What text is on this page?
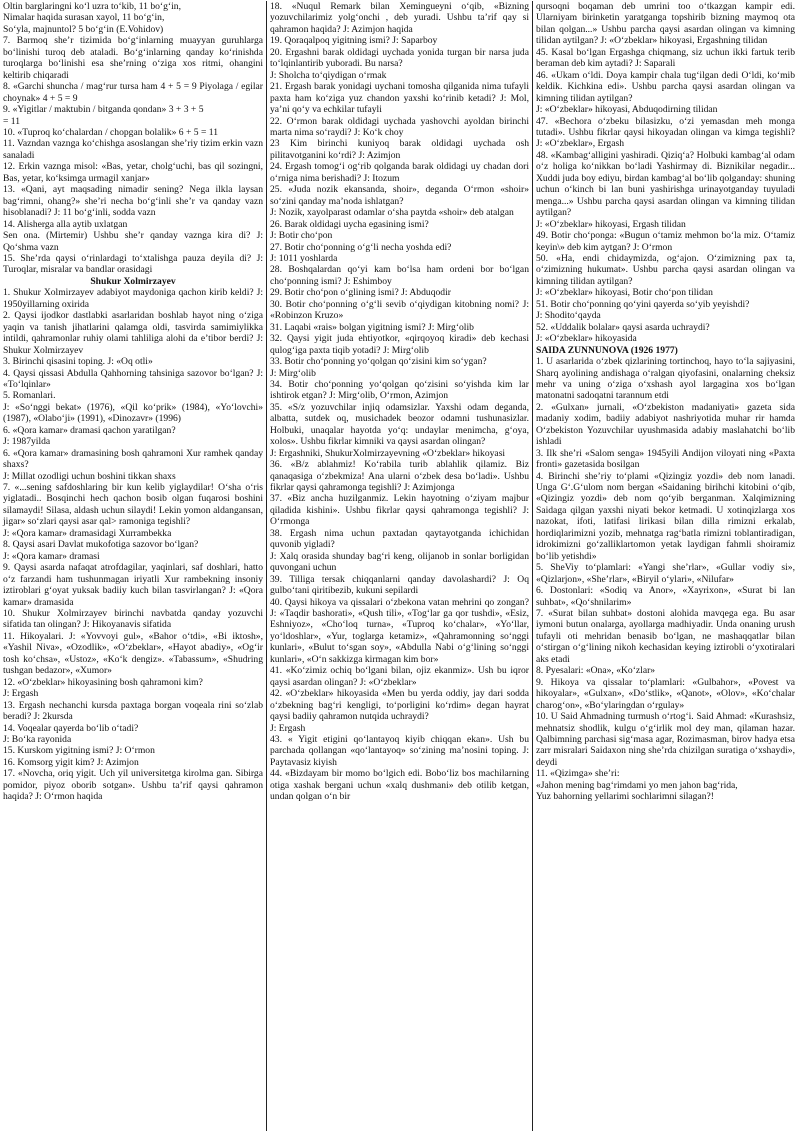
Oltin barglaringni ko‘l uzra to‘kib, 11 bo‘g‘in,

Nimalar haqida surasan xayol, 11 bo‘g‘in,

So‘yla, majnuntol? 5 bo‘g‘in (E.Vohidov)

7. Barmoq she’r tizimida bo‘g‘inlarning muayyan guruhlarga bo‘linishi turoq deb ataladi. Bo‘g‘inlarning qanday ko‘rinishda turoqlarga bo‘linishi esa she’rning o‘ziga xos ritmi, ohangini keltirib chiqaradi

8. «Garchi shuncha / mag‘rur tursa ham 4 + 5 = 9 Piyolaga / egilar choynak» 4 + 5 = 9

9. «Yigitlar / maktubin / bitganda qondan» 3 + 3 + 5

= 11

10. «Tuproq ko‘chalardan / chopgan bolalik» 6 + 5 = 11

11. Vazndan vaznga ko‘chishga asoslangan she’riy tizim erkin vazn sanaladi

12. Erkin vaznga misol: «Bas, yetar, cholg‘uchi, bas qil sozingni, Bas, yetar, ko‘ksimga urmagil xanjar»

13. «Qani, ayt maqsading nimadir sening? Nega ilkla laysan bag‘rimni, ohang?» she’ri necha bo‘g‘inli she’r va qanday vazn hisoblanadi? J: 11 bo‘g‘inli, sodda vazn

14. Alisherga alla aytib uxlatgan

Sen ona. (Mirtemir) Ushbu she’r qanday vaznga kira di? J: Qo‘shma vazn

15. She’rda qaysi o‘rinlardagi to‘xtalishga pauza deyila di? J: Turoqlar, misralar va bandlar orasidagi

Shukur Xolmirzayev

1. Shukur Xolmirzayev adabiyot maydoniga qachon kirib keldi? J: 1950yillarning oxirida

2. Qaysi ijodkor dastlabki asarlaridan boshlab hayot ning o‘ziga yaqin va tanish jihatlarini qalamga oldi, tasvirda samimiylikka intildi, qahramonlar ruhiy olami tahliliga alohi da e’tibor berdi? J: Shukur Xolmirzayev

3. Birinchi qisasini toping. J: «Oq otli»

4. Qaysi qissasi Abdulla Qahhorning tahsiniga sazovor bo‘lgan? J: «To‘lqinlar»

5. Romanlari.

J: «So‘nggi bekat» (1976), «Qil ko‘prik» (1984), «Yo‘lovchi» (1987), «Olabo‘ji» (1991), «Dinozavr» (1996)

6. «Qora kamar» dramasi qachon yaratilgan?

J: 1987yilda

6. «Qora kamar» dramasining bosh qahramoni Xur ramhek qanday shaxs?

J: Millat ozodligi uchun boshini tikkan shaxs

7. «...sening safdoshlaring bir kun kelib yiglaydilar! O‘sha o‘ris yiglatadi.. Bosqinchi hech qachon bosib olgan fuqarosi boshini silamaydi! Silasa, aldash uchun silaydi! Lekin yomon aldangansan, jigar» so‘zlari qaysi asar qal> ramoniga tegishli?

J: «Qora kamar» dramasidagi Xurrambekka

8. Qaysi asari Davlat mukofotiga sazovor bo‘lgan?

J: «Qora kamar» dramasi

9. Qaysi asarda nafaqat atrofdagilar, yaqinlari, saf doshlari, hatto o‘z farzandi ham tushunmagan iriyatli Xur rambekning insoniy iztiroblari g‘oyat yuksak badiiy kuch bilan tasvirlangan? J: «Qora kamar» dramasida

10. Shukur Xolmirzayev birinchi navbatda qanday yozuvchi sifatida tan olingan? J: Hikoyanavis sifatida

11. Hikoyalari. J: «Yovvoyi gul», «Bahor o‘tdi», «Bi iktosh», «Yashil Niva», «Ozodlik», «O‘zbeklar», «Hayot abadiy», «Og‘ir tosh ko‘chsa», «Ustoz», «Ko‘k dengiz». «Tabassum», «Shudring tushgan bedazor», «Xumor»

12. «O‘zbeklar» hikoyasining bosh qahramoni kim?

J: Ergash

13. Ergash nechanchi kursda paxtaga borgan voqeala rini so‘zlab beradi? J: 2kursda

14. Voqealar qayerda bo‘lib o‘tadi?

J: Bo‘ka rayonida

15. Kurskom yigitning ismi? J: O‘rmon

16. Komsorg yigit kim? J: Azimjon

17. «Novcha, oriq yigit. Uch yil universitetga kirolma gan. Sibirga pomidor, piyoz oborib sotgan». Ushbu ta’rif qaysi qahramon haqida? J: O‘rmon haqida

18. «Nuqul Remark bilan Xemingueyni o‘qib, «Bizning yozuvchilarimiz yolg‘onchi , deb yuradi. Ushbu ta’rif qay si qahramon haqida? J: Azimjon haqida

19. Qoraqalpoq yigitning ismi? J: Saparboy

20. Ergashni barak oldidagi uychada yonida turgan bir narsa juda to‘lqinlantirib yuboradi. Bu narsa?

J: Sholcha to‘qiydigan o‘rmak

21. Ergash barak yonidagi uychani tomosha qilganida nima tufayli paxta ham ko‘ziga yuz chandon yaxshi ko‘rinib ketadi? J: Mol, ya’ni qo‘y va echkilar tufayli

22. O‘rmon barak oldidagi uychada yashovchi ayoldan birinchi marta nima so‘raydi? J: Ko‘k choy

23 Kim birinchi kuniyoq barak oldidagi uychada osh pilitavotganini ko‘rdi? J: Azimjon

24. Ergash tomog‘i og‘rib qolganda barak oldidagi uy chadan dori o‘rniga nima berishadi? J: Itozum

25. «Juda nozik ekansanda, shoir», deganda O‘rmon «shoir» so‘zini qanday ma’noda ishlatgan?

J: Nozik, xayolparast odamlar o‘sha paytda «shoir» deb atalgan

26. Barak oldidagi uycha egasining ismi?

J: Botir cho‘pon

27. Botir cho‘ponning o‘g‘li necha yoshda edi?

J: 1011 yoshlarda

28. Boshqalardan qo‘yi kam bo‘lsa ham ordeni bor bo‘lgan cho‘ponning ismi? J: Eshimboy

29. Botir cho‘pon o‘glining ismi? J: Abduqodir

30. Botir cho‘ponning o‘g‘li sevib o‘qiydigan kitobning nomi? J: «Robinzon Kruzo»

31. Laqabi «rais» bolgan yigitning ismi? J: Mirg‘olib

32. Qaysi yigit juda ehtiyotkor, «qirqoyoq kiradi» deb kechasi qulog‘iga paxta tiqib yotadi? J: Mirg‘olib

33. Botir cho‘ponning yo‘qolgan qo‘zisini kim so‘ygan?

J: Mirg‘olib

34. Botir cho‘ponning yo‘qolgan qo‘zisini so‘yishda kim lar ishtirok etgan? J: Mirg‘olib, O‘rmon, Azimjon

35. «S/z yozuvchilar injiq odamsizlar. Yaxshi odam deganda, albatta, sutdek oq, musichadek beozor odamni tushunasizlar. Holbuki, unaqalar hayotda yo‘q: undaylar menimcha, g‘oya, xolos». Ushbu fikrlar kimniki va qaysi asardan olingan?

J: Ergashniki, ShukurXolmirzayevning «O‘zbeklar» hikoyasi

36. «B/z ablahmiz! Ko‘rabila turib ablahlik qilamiz. Biz qanaqasiga o‘zbekmiza! Ana ularni o‘zbek desa bo‘ladi». Ushbu fikrlar qaysi qahramonga tegishli? J: Azimjonga

37. «Biz ancha huzilganmiz. Lekin hayotning o‘ziyam majbur qiladida kishini». Ushbu fikrlar qaysi qahramonga tegishli? J: O‘rmonga

38. Ergash nima uchun paxtadan qaytayotganda ichichidan quvonib yigladi?

J: Xalq orasida shunday bag‘ri keng, olijanob in sonlar borligidan quvongani uchun

39. Tilliga tersak chiqqanlarni qanday davolashardi? J: Oq gulbo‘tani qiritibezib, kukuni sepilardi

40. Qaysi hikoya va qissalari o‘zbekona vatan mehrini qo zongan? J: «Taqdir bashorati», «Qush tili», «Tog‘lar ga qor tushdi», «Esiz, Eshniyoz», «Cho‘loq turna», «Tuproq ko‘chalar», «Yo‘llar, yo‘ldoshlar», «Yur, toglarga ketamiz», «Qahramonning so‘nggi kunlari», «Bulut to‘sgan soy», «Abdulla Nabi o‘g‘lining so‘nggi kunlari», «O‘n sakkizga kirmagan kim bor»

41. «Ko‘zimiz ochiq bo‘lgani bilan, ojiz ekanmiz». Ush bu iqror qaysi asardan olingan? J: «O‘zbeklar»

42. «O‘zbeklar» hikoyasida «Men bu yerda oddiy, jay dari sodda o‘zbekning bag‘ri kengligi, to‘porligini ko‘rdim» degan hayrat qaysi badiiy qahramon nutqida uchraydi?

J: Ergash

43. « Yigit etigini qo‘lantayoq kiyib chiqqan ekan». Ush bu parchada qollangan «qo‘lantayoq» so‘zining ma’nosini toping. J: Paytavasiz kiyish

44. «Bizdayam bir momo bo‘lgich edi. Bobo‘liz bos machilarning otiga xashak bergani uchun «xalq dushmani» deb otilib ketgan, undan qolgan o‘n bir

qursoqni boqaman deb umrini too o‘tkazgan kampir edi. Ularniyam birinketin yaratganga topshirib bizning maymoq ota bilan qolgan...» Ushbu parcha qaysi asardan olingan va kimning tilidan aytilgan? J: «O‘zbeklar» hikoyasi, Ergashning tilidan

45. Kasal bo‘lgan Ergashga chiqmang, siz uchun ikki fartuk terib beraman deb kim aytadi? J: Saparali

46. «Ukam o‘ldi. Doya kampir chala tug‘ilgan dedi O‘ldi, ko‘mib keldik. Kichkina edi». Ushbu parcha qaysi asardan olingan va kimning tilidan aytilgan?

J: «O‘zbeklar» hikoyasi, Abduqodirning tilidan

47. «Bechora o‘zbeku bilasizku, o‘zi yemasdan meh monga tutadi». Ushbu fikrlar qaysi hikoyadan olingan va kimga tegishli? J: «O‘zbeklar», Ergash

48. «Kambag‘alligini yashiradi. Qiziq‘a? Holbuki kambag‘al odam o‘z holiga ko‘nikkan bo‘ladi Yashirmay di. Biznikilar negadir... Xuddi juda boy ediyu, birdan kambag‘al bo‘lib qolganday: shuning uchun o‘kinch bi lan buni yashirishga urinayotganday tuyuladi menga...» Ushbu parcha qaysi asardan olingan va kimning tilidan aytilgan?

J: «O‘zbeklar» hikoyasi, Ergash tilidan

49. Botir cho‘ponga: «Bugun o‘tamiz mehmon bo‘la miz. O‘tamiz keyin\» deb kim aytgan? J: O‘rmon

50. «Ha, endi chidaymizda, og‘ajon. O‘zimizning pax ta, o‘zimizning hukumat». Ushbu parcha qaysi asardan olingan va kimning tilidan aytilgan?

J: «O‘zbeklar» hikoyasi, Botir cho‘pon tilidan

51. Botir cho‘ponning qo‘yini qayerda so‘yib yeyishdi?

J: Shodito‘qayda

52. «Uddalik bolalar» qaysi asarda uchraydi?

J: «O‘zbeklar» hikoyasida

SAIDA ZUNNUNOVA (1926 1977)

1. U asarlarida o‘zbek qizlarining tortinchoq, hayo to‘la sajiyasini, Sharq ayolining andishaga o‘ralgan qiyofasini, onalarning cheksiz mehr va uning o‘ziga o‘xshash ayol largagina xos bo‘lgan matonatni sadoqatni tarannum etdi

2. «Gulxan» jurnali, «O‘zbekiston madaniyati» gazeta sida madaniy xodim, badiiy adabiyot nashriyotida muhar rir hamda O‘zbekiston Yozuvchilar uyushmasida adabiy maslahatchi bo‘lib ishladi

3. Ilk she’ri «Salom senga» 1945yili Andijon viloyati ning «Paxta fronti» gazetasida bosilgan

4. Birinchi she’riy to‘plami «Qizingiz yozdi» deb nom lanadi. Unga G‘.G‘ulom nom bergan «Saidaning birihchi kitobini o‘qib, «Qizingiz yozdi» deb nom qo‘yib berganman. Xalqimizning Saidaga qilgan yaxshi niyati bekor ketmadi. U xotinqizlarga xos nazokat, ifoti, latifasi lirikasi bilan dilla rimizni erkalab, hordiqlarimizni yozib, mehnatga rag‘batla rimizni toblantiradigan, idrokimizni go‘zalliklartomon yetak laydigan fahmli shoiramiz bo‘lib yetishdi»

5. SheViy to‘plamlari: «Yangi she’rlar», «Gullar vodiy si», «Qizlarjon», «She’rlar», «Biryil o‘ylari», «Nilufar»

6. Dostonlari: «Sodiq va Anor», «Xayrixon», «Surat bi lan suhbat», «Qo‘shnilarim»

7. «Surat bilan suhbat» dostoni alohida mavqega ega. Bu asar iymoni butun onalarga, ayollarga madhiyadir. Unda onaning urush tufayli oti mehridan benasib bo‘lgan, ne mashaqqatlar bilan o‘stirgan o‘g‘lining nikoh kechasidan keying iztirobli o‘yxotiralari aks etadi

8. Pyesalari: «Ona», «Ko‘zlar»

9. Hikoya va qissalar to‘plamlari: «Gulbahor», «Povest va hikoyalar», «Gulxan», «Do‘stlik», «Qanot», «Olov», «Ko‘chalar charog‘on», «Bo‘ylaringdan o‘rgulay»

10. U Said Ahmadning turmush o‘rtog‘i. Said Ahmad: «Kurashsiz, mehnatsiz shodlik, kulgu o‘g‘irlik mol dey man, qilaman hazar. Qalbimning parchasi sig‘masa agar, Rozimasman, birov hadya etsa zarr misralari Saidaxon ning she’rda chizilgan suratiga o‘xshaydi», deydi

11. «Qizimga» she’ri:

«Jahon mening bag‘rimdami yo men jahon bag‘rida,

Yuz bahorning yellarimi sochlarimni silagan?!
